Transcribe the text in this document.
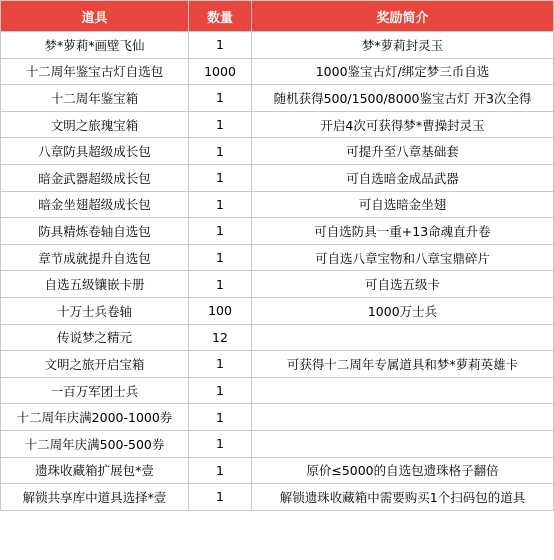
道具	数量	奖励简介
梦*萝莉*画壁飞仙	1	梦*萝莉封灵玉
十二周年鉴宝古灯自选包	1000	1000鉴宝古灯/绑定梦三币自选
十二周年鉴宝箱	1	随机获得500/1500/8000鉴宝古灯 开3次全得
文明之旅瑰宝箱	1	开启4次可获得梦*曹操封灵玉
八章防具超级成长包	1	可提升至八章基础套
暗金武器超级成长包	1	可自选暗金成品武器
暗金坐翅超级成长包	1	可自选暗金坐翅
防具精炼卷轴自选包	1	可自选防具一重+13命魂直升卷
章节成就提升自选包	1	可自选八章宝物和八章宝鼎碎片
自选五级镶嵌卡册	1	可自选五级卡
十万士兵卷轴	100	1000万士兵
传说梦之精元	12	
文明之旅开启宝箱	1	可获得十二周年专属道具和梦*萝莉英雄卡
一百万军团士兵	1	
十二周年庆满2000-1000券	1	
十二周年庆满500-500券	1	
遗珠收藏箱扩展包*壹	1	原价≤5000的自选包遗珠格子翻倍
解锁共享库中道具选择*壹	1	解锁遗珠收藏箱中需要购买1个扫码包的道具
